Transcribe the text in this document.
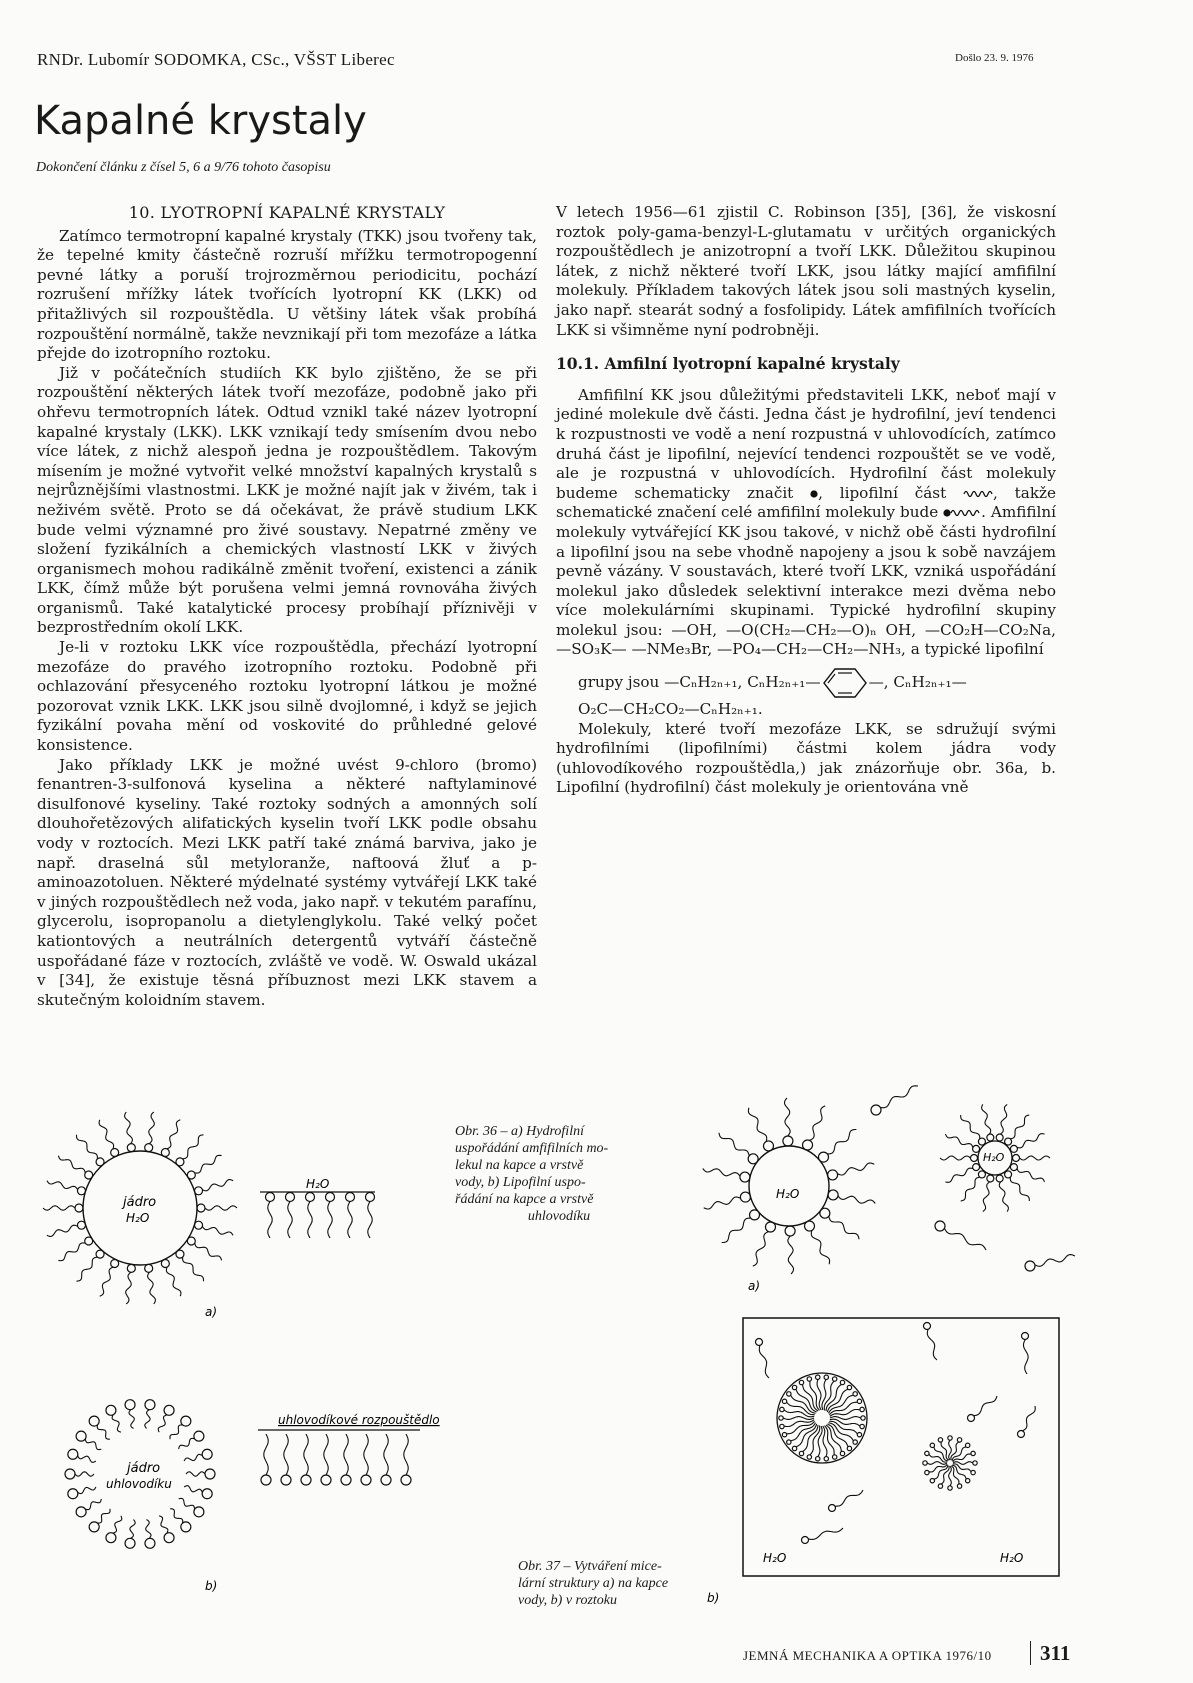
RNDr. Lubomír SODOMKA, CSc., VŠST Liberec	Došlo 23. 9. 1976
Kapalné krystaly
Dokončení článku z čísel 5, 6 a 9/76 tohoto časopisu
10. LYOTROPNÍ KAPALNÉ KRYSTALY

Zatímco termotropní kapalné krystaly (TKK) jsou tvořeny tak, že tepelné kmity částečně rozruší mřížku termotropogenní pevné látky a poruší trojrozměrnou periodicitu, pochází rozrušení mřížky látek tvořících lyotropní KK (LKK) od přitažlivých sil rozpouštědla. U většiny látek však probíhá rozpouštění normálně, takže nevznikají při tom mezofáze a látka přejde do izotropního roztoku.

Již v počátečních studiích KK bylo zjištěno, že se při rozpouštění některých látek tvoří mezofáze, podobně jako při ohřevu termotropních látek. Odtud vznikl také název lyotropní kapalné krystaly (LKK). LKK vznikají tedy smísením dvou nebo více látek, z nichž alespoň jedna je rozpouštědlem. Takovým mísením je možné vytvořit velké množství kapalných krystalů s nejrůznějšími vlastnostmi. LKK je možné najít jak v živém, tak i neživém světě. Proto se dá očekávat, že právě studium LKK bude velmi významné pro živé soustavy. Nepatrné změny ve složení fyzikálních a chemických vlastností LKK v živých organismech mohou radikálně změnit tvoření, existenci a zánik LKK, čímž může být porušena velmi jemná rovnováha živých organismů. Také katalytické procesy probíhají příznivěji v bezprostředním okolí LKK.

Je-li v roztoku LKK více rozpouštědla, přechází lyotropní mezofáze do pravého izotropního roztoku. Podobně při ochlazování přesyceného roztoku lyotropní látkou je možné pozorovat vznik LKK. LKK jsou silně dvojlomné, i když se jejich fyzikální povaha mění od voskovité do průhledné gelové konsistence.

Jako příklady LKK je možné uvést 9-chloro (bromo) fenantren-3-sulfonová kyselina a některé naftylaminové disulfonové kyseliny. Také roztoky sodných a amonných solí dlouhořetězových alifatických kyselin tvoří LKK podle obsahu vody v roztocích. Mezi LKK patří také známá barviva, jako je např. draselná sůl metyloranže, naftoová žluť a p-aminoazotoluen. Některé mýdelnaté systémy vytvářejí LKK také v jiných rozpouštědlech než voda, jako např. v tekutém parafínu, glycerolu, isopropanolu a dietylenglykolu. Také velký počet kationtových a neutrálních detergentů vytváří částečně uspořádané fáze v roztocích, zvláště ve vodě. W. Oswald ukázal v [34], že existuje těsná příbuznost mezi LKK stavem a skutečným koloidním stavem.

V letech 1956—61 zjistil C. Robinson [35], [36], že viskosní roztok poly-gama-benzyl-L-glutamatu v určitých organických rozpouštědlech je anizotropní a tvoří LKK. Důležitou skupinou látek, z nichž některé tvoří LKK, jsou látky mající amfifilní molekuly. Příkladem takových látek jsou soli mastných kyselin, jako např. stearát sodný a fosfolipidy. Látek amfifilních tvořících LKK si všimněme nyní podrobněji.

10.1. Amfilní lyotropní kapalné krystaly

Amfifilní KK jsou důležitými představiteli LKK, neboť mají v jediné molekule dvě části. Jedna část je hydrofilní, jeví tendenci k rozpustnosti ve vodě a není rozpustná v uhlovodících, zatímco druhá část je lipofilní, nejevící tendenci rozpouštět se ve vodě, ale je rozpustná v uhlovodících. Hydrofilní část molekuly budeme schematicky značit , lipofilní část	, takže schematické značení celé amfifilní molekuly bude	. Amfifilní molekuly vytvářející KK jsou takové, v nichž obě části hydrofilní a lipofilní jsou na sebe vhodně napojeny a jsou k sobě navzájem pevně vázány. V soustavách, které tvoří LKK, vzniká uspořádání molekul jako důsledek selektivní interakce mezi dvěma nebo více molekulárními skupinami. Typické hydrofilní skupiny molekul jsou: —OH, —O(CH₂—CH₂—O)ₙ OH, —CO₂H—CO₂Na, —SO₃K— —NMe₃Br, —PO₄—CH₂—CH₂—NH₃, a typické lipofilní

grupy jsou —CₙH₂ₙ₊₁, CₙH₂ₙ₊₁—	—, CₙH₂ₙ₊₁—

O₂C—CH₂CO₂—CₙH₂ₙ₊₁.

Molekuly, které tvoří mezofáze LKK, se sdružují svými hydrofilními (lipofilními) částmi kolem jádra vody (uhlovodíkového rozpouštědla,) jak znázorňuje obr. 36a, b. Lipofilní (hydrofilní) část molekuly je orientována vně

jádro
H₂O
H₂O
a)
jádro
uhlovodíku
uhlovodíkové rozpouštědlo
b)
Obr. 36 – a) Hydrofilní
uspořádání amfifilních mo-
lekul na kapce a vrstvě
vody, b) Lipofilní uspo-
řádání na kapce a vrstvě

uhlovodíku
H₂O
H₂O
a)
H₂O	H₂O
b)
Obr. 37 – Vytváření mice-
lární struktury a) na kapce
vody, b) v roztoku
JEMNÁ MECHANIKA A OPTIKA 1976/10 311
